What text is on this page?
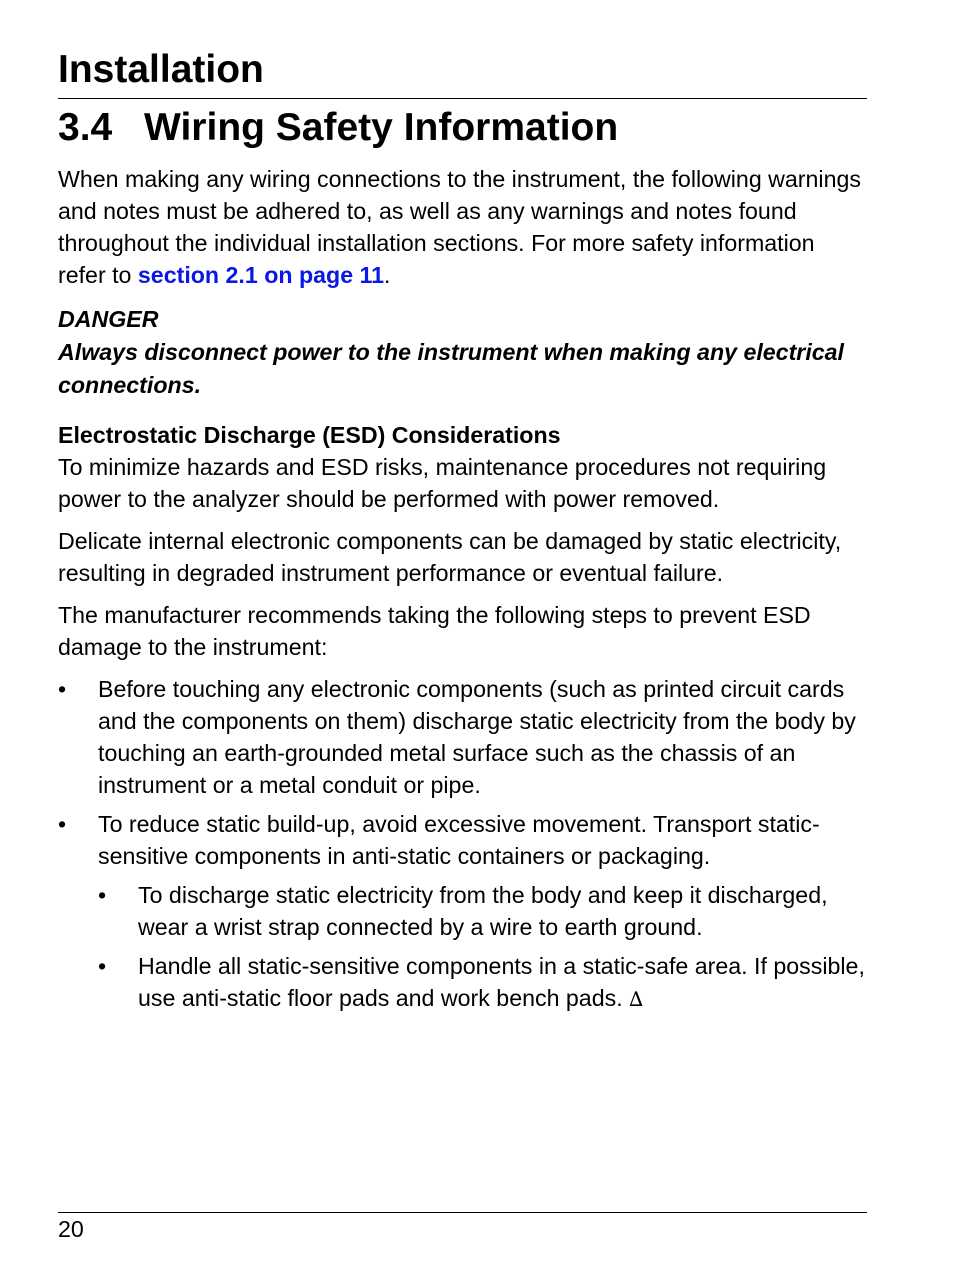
Installation
3.4 Wiring Safety Information

When making any wiring connections to the instrument, the following warnings and notes must be adhered to, as well as any warnings and notes found throughout the individual installation sections. For more safety information refer to section 2.1 on page 11.

DANGER
Always disconnect power to the instrument when making any electrical connections.

Electrostatic Discharge (ESD) Considerations

To minimize hazards and ESD risks, maintenance procedures not requiring power to the analyzer should be performed with power removed.

Delicate internal electronic components can be damaged by static electricity, resulting in degraded instrument performance or eventual failure.

The manufacturer recommends taking the following steps to prevent ESD damage to the instrument:

•	Before touching any electronic components (such as printed circuit cards and the components on them) discharge static electricity from the body by touching an earth-grounded metal surface such as the chassis of an instrument or a metal conduit or pipe.
•	To reduce static build-up, avoid excessive movement. Transport static-sensitive components in anti-static containers or packaging.
•	To discharge static electricity from the body and keep it discharged, wear a wrist strap connected by a wire to earth ground.
•	Handle all static-sensitive components in a static-safe area. If possible, use anti-static floor pads and work bench pads. ∆
20
